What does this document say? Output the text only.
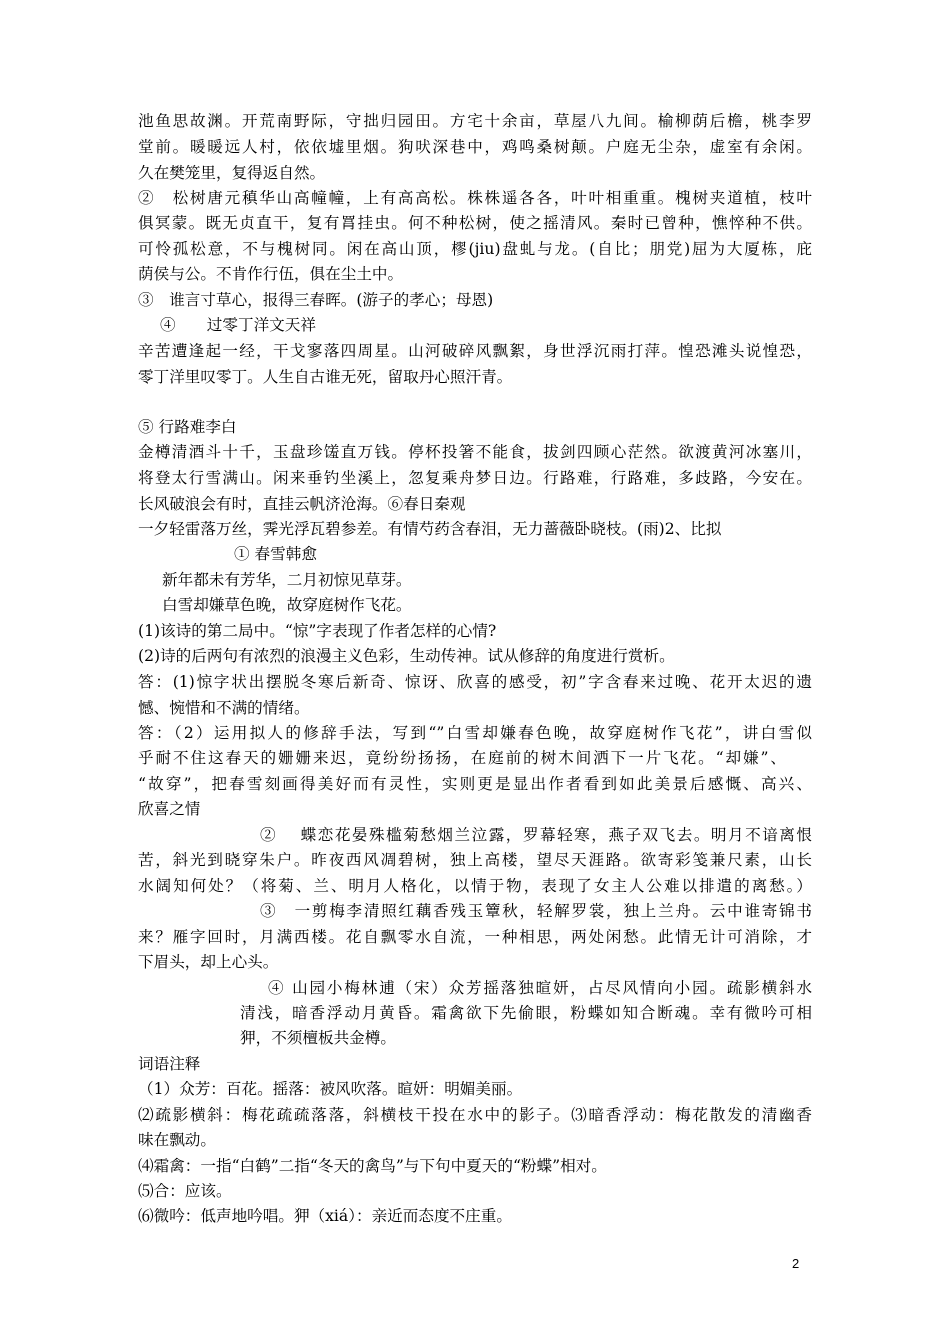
池鱼思故渊。开荒南野际，守拙归园田。方宅十余亩，草屋八九间。榆柳荫后檐，桃李罗
堂前。暖暖远人村，依依墟里烟。狗吠深巷中，鸡鸣桑树颠。户庭无尘杂，虚室有余闲。
久在樊笼里，复得返自然。
②　松树唐元稹华山高幢幢，上有高高松。株株遥各各，叶叶相重重。槐树夹道植，枝叶
俱冥蒙。既无贞直干，复有罥挂虫。何不种松树，使之摇清风。秦时已曾种，憔悴种不供。
可怜孤松意，不与槐树同。闲在高山顶，樛(jiu)盘虬与龙。(自比；朋党)屈为大厦栋，庇
荫侯与公。不肯作行伍，俱在尘土中。
③　谁言寸草心，报得三春晖。(游子的孝心；母恩)
④　　过零丁洋文天祥
辛苦遭逢起一经，干戈寥落四周星。山河破碎风飘絮，身世浮沉雨打萍。惶恐滩头说惶恐，
零丁洋里叹零丁。人生自古谁无死，留取丹心照汗青。
⑤ 行路难李白
金樽清酒斗十千，玉盘珍馐直万钱。停杯投箸不能食，拔剑四顾心茫然。欲渡黄河冰塞川，
将登太行雪满山。闲来垂钓坐溪上，忽复乘舟梦日边。行路难，行路难，多歧路，今安在。
长风破浪会有时，直挂云帆济沧海。⑥春日秦观
一夕轻雷落万丝，霁光浮瓦碧参差。有情芍药含春泪，无力蔷薇卧晓枝。(雨)2、比拟
① 春雪韩愈
新年都未有芳华，二月初惊见草芽。
白雪却嫌草色晚，故穿庭树作飞花。
(1)该诗的第二局中。“惊”字表现了作者怎样的心情?
(2)诗的后两句有浓烈的浪漫主义色彩，生动传神。试从修辞的角度进行赏析。
答：(1)惊字状出摆脱冬寒后新奇、惊讶、欣喜的感受，初”字含春来过晚、花开太迟的遗
憾、惋惜和不满的情绪。
答：（2）运用拟人的修辞手法，写到“”白雪却嫌春色晚，故穿庭树作飞花”，讲白雪似
乎耐不住这春天的姗姗来迟，竟纷纷扬扬，在庭前的树木间洒下一片飞花。“却嫌”、
“故穿”，把春雪刻画得美好而有灵性，实则更是显出作者看到如此美景后感慨、高兴、
欣喜之情
②　 蝶恋花晏殊槛菊愁烟兰泣露，罗幕轻寒，燕子双飞去。明月不谙离恨
苦，斜光到晓穿朱户。昨夜西风凋碧树，独上高楼，望尽天涯路。欲寄彩笺兼尺素，山长
水阔知何处？（将菊、兰、明月人格化，以情于物，表现了女主人公难以排遣的离愁。）
③　一剪梅李清照红藕香残玉簟秋，轻解罗裳，独上兰舟。云中谁寄锦书
来？雁字回时，月满西楼。花自飘零水自流，一种相思，两处闲愁。此情无计可消除，才
下眉头，却上心头。
④ 山园小梅林逋（宋）众芳摇落独暄妍，占尽风情向小园。疏影横斜水
清浅，暗香浮动月黄昏。霜禽欲下先偷眼，粉蝶如知合断魂。幸有微吟可相
狎，不须檀板共金樽。
词语注释
（1）众芳：百花。摇落：被风吹落。暄妍：明媚美丽。
⑵疏影横斜：梅花疏疏落落，斜横枝干投在水中的影子。⑶暗香浮动：梅花散发的清幽香
味在飘动。
⑷霜禽：一指“白鹤”二指“冬天的禽鸟”与下句中夏天的“粉蝶”相对。
⑸合：应该。
⑹微吟：低声地吟唱。狎（xiá）：亲近而态度不庄重。
2
